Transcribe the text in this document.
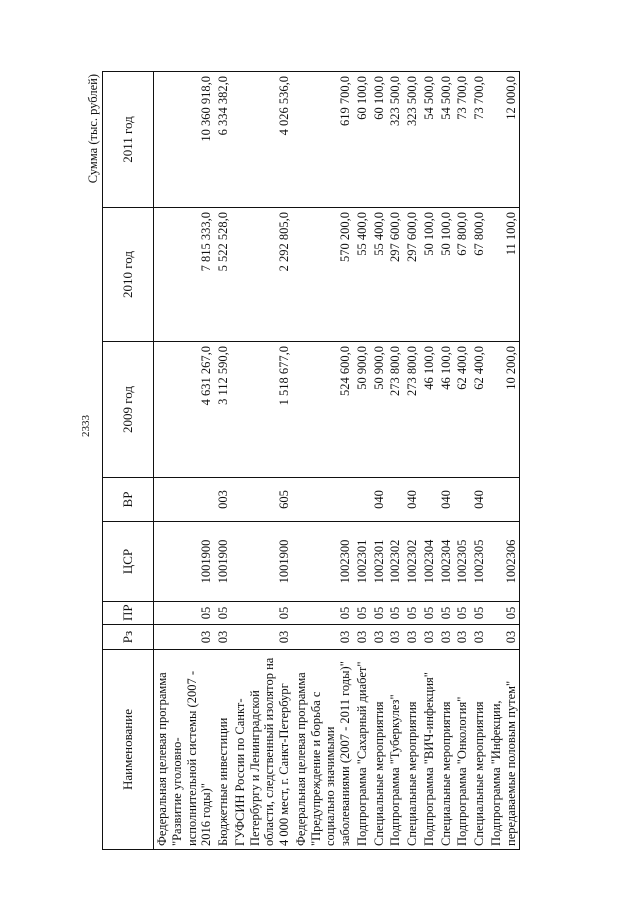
2333
Сумма (тыс. рублей)
Наименование	Рз	ПР	ЦСР	ВР	2009 год	2010 год	2011 год
Федеральная целевая программа "Развитие уголовно-исполнительной системы (2007 - 2016 годы)"	03	05	1001900		4 631 267,0	7 815 333,0	10 360 918,0
Бюджетные инвестиции	03	05	1001900	003	3 112 590,0	5 522 528,0	6 334 382,0
ГУФСИН России по Санкт-Петербургу и Ленинградской области, следственный изолятор на 4 000 мест, г. Санкт-Петербург	03	05	1001900	605	1 518 677,0	2 292 805,0	4 026 536,0
Федеральная целевая программа "Предупреждение и борьба с социально значимыми заболеваниями (2007 - 2011 годы)"	03	05	1002300		524 600,0	570 200,0	619 700,0
Подпрограмма "Сахарный диабет"	03	05	1002301		50 900,0	55 400,0	60 100,0
Специальные мероприятия	03	05	1002301	040	50 900,0	55 400,0	60 100,0
Подпрограмма "Туберкулез"	03	05	1002302		273 800,0	297 600,0	323 500,0
Специальные мероприятия	03	05	1002302	040	273 800,0	297 600,0	323 500,0
Подпрограмма "ВИЧ-инфекция"	03	05	1002304		46 100,0	50 100,0	54 500,0
Специальные мероприятия	03	05	1002304	040	46 100,0	50 100,0	54 500,0
Подпрограмма "Онкология"	03	05	1002305		62 400,0	67 800,0	73 700,0
Специальные мероприятия	03	05	1002305	040	62 400,0	67 800,0	73 700,0
Подпрограмма "Инфекции, передаваемые половым путем"	03	05	1002306		10 200,0	11 100,0	12 000,0
